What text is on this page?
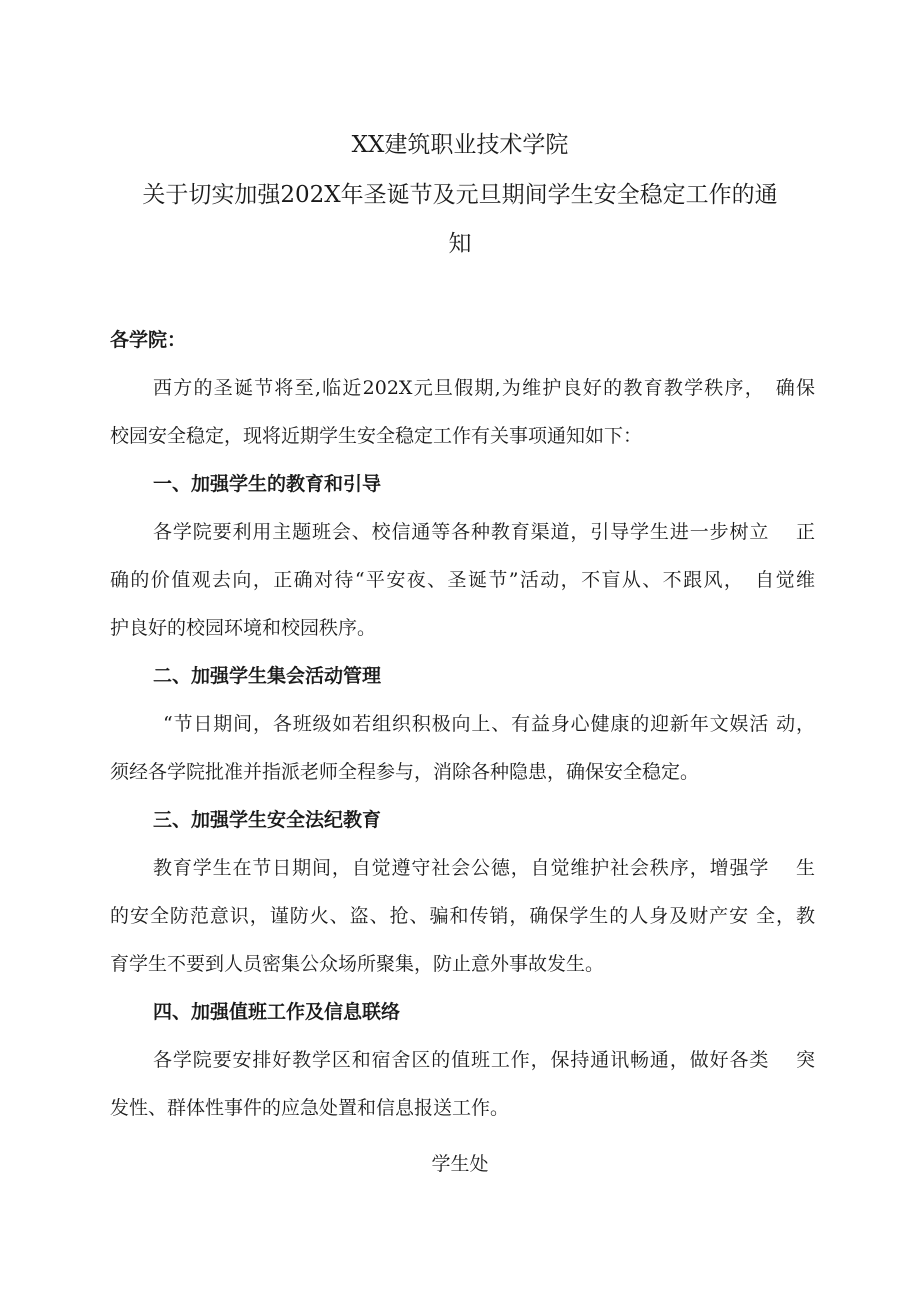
XX建筑职业技术学院
关于切实加强202X年圣诞节及元旦期间学生安全稳定工作的通
知
各学院：
西方的圣诞节将至,临近202X元旦假期,为维护良好的教育教学秩序，　确保
校园安全稳定，现将近期学生安全稳定工作有关事项通知如下：
一、加强学生的教育和引导
各学院要利用主题班会、校信通等各种教育渠道，引导学生进一步树立　 正
确的价值观去向，正确对待“平安夜、圣诞节”活动，不盲从、不跟风，　自觉维
护良好的校园环境和校园秩序。
二、加强学生集会活动管理
“节日期间，各班级如若组织积极向上、有益身心健康的迎新年文娱活 动，
须经各学院批准并指派老师全程参与，消除各种隐患，确保安全稳定。
三、加强学生安全法纪教育
教育学生在节日期间，自觉遵守社会公德，自觉维护社会秩序，增强学　 生
的安全防范意识，谨防火、盗、抢、骗和传销，确保学生的人身及财产安 全，教
育学生不要到人员密集公众场所聚集，防止意外事故发生。
四、加强值班工作及信息联络
各学院要安排好教学区和宿舍区的值班工作，保持通讯畅通，做好各类　 突
发性、群体性事件的应急处置和信息报送工作。
学生处
